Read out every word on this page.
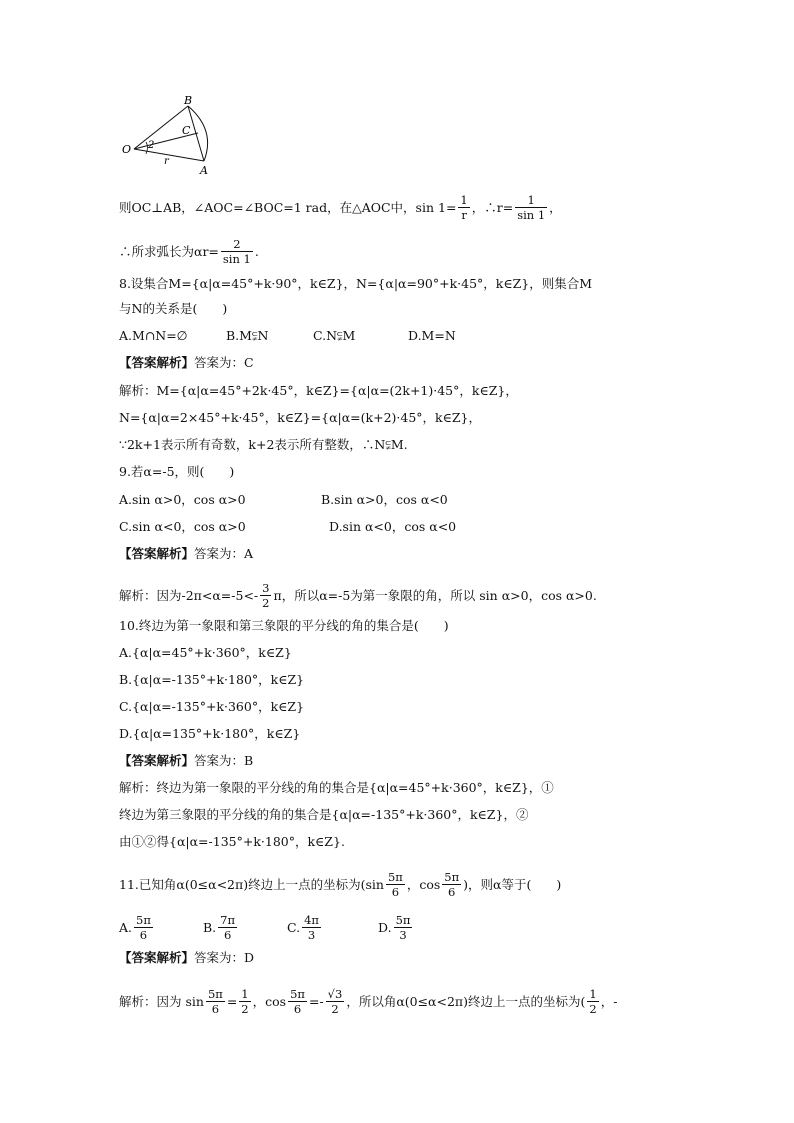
B
C
O
A
2
r
则OC⊥AB，∠AOC=∠BOC=1 rad，在△AOC中，$\sin 1= \frac{1}{r}$ ，∴r= $\frac{1}{\sin 1}$ ，
∴所求弧长为$\alpha r= \frac{2}{\sin 1}$ .
8.设集合M={α|α=45°+k·90°，k∈Z}，N={α|α=90°+k·45°，k∈Z}，则集合M
与N的关系是(　　)
A.M∩N=∅	B.M⫋N	C.N⫋M	D.M=N
【答案解析】答案为：C
解析：M={α|α=45°+2k·45°，k∈Z}={α|α=(2k+1)·45°，k∈Z}，
N={α|α=2×45°+k·45°，k∈Z}={α|α=(k+2)·45°，k∈Z}，
∵2k+1表示所有奇数，k+2表示所有整数，∴N⫋M.
9.若α=-5，则(　　)
A.sin α>0，cos α>0	B.sin α>0，cos α<0
C.sin α<0，cos α>0	D.sin α<0，cos α<0
【答案解析】答案为：A
解析：因为$-2\pi<\alpha=-5<- \frac{3}{2}$ π，所以α=-5为第一象限的角，所以 sin α>0，cos α>0.
10.终边为第一象限和第三象限的平分线的角的集合是(　　)
A.{α|α=45°+k·360°，k∈Z}
B.{α|α=-135°+k·180°，k∈Z}
C.{α|α=-135°+k·360°，k∈Z}
D.{α|α=135°+k·180°，k∈Z}
【答案解析】答案为：B
解析：终边为第一象限的平分线的角的集合是{α|α=45°+k·360°，k∈Z}，①
终边为第三象限的平分线的角的集合是{α|α=-135°+k·360°，k∈Z}，②
由①②得{α|α=-135°+k·180°，k∈Z}.
11.已知角α(0≤α<2π)终边上一点的坐标为($\sin \frac{5\pi}{6}$ ，$\cos \frac{5\pi}{6}$ )，则α等于(　　)
A. $\frac{5\pi}{6}$	B. $\frac{7\pi}{6}$	C. $\frac{4\pi}{3}$	D. $\frac{5\pi}{3}$
【答案解析】答案为：D
解析：因为 $\sin \frac{5\pi}{6} = \frac{1}{2}$ ，$\cos \frac{5\pi}{6} =- \frac{√3}{2}$ ，所以角α(0≤α<2π)终边上一点的坐标为( $\frac{1}{2}$ ，-
